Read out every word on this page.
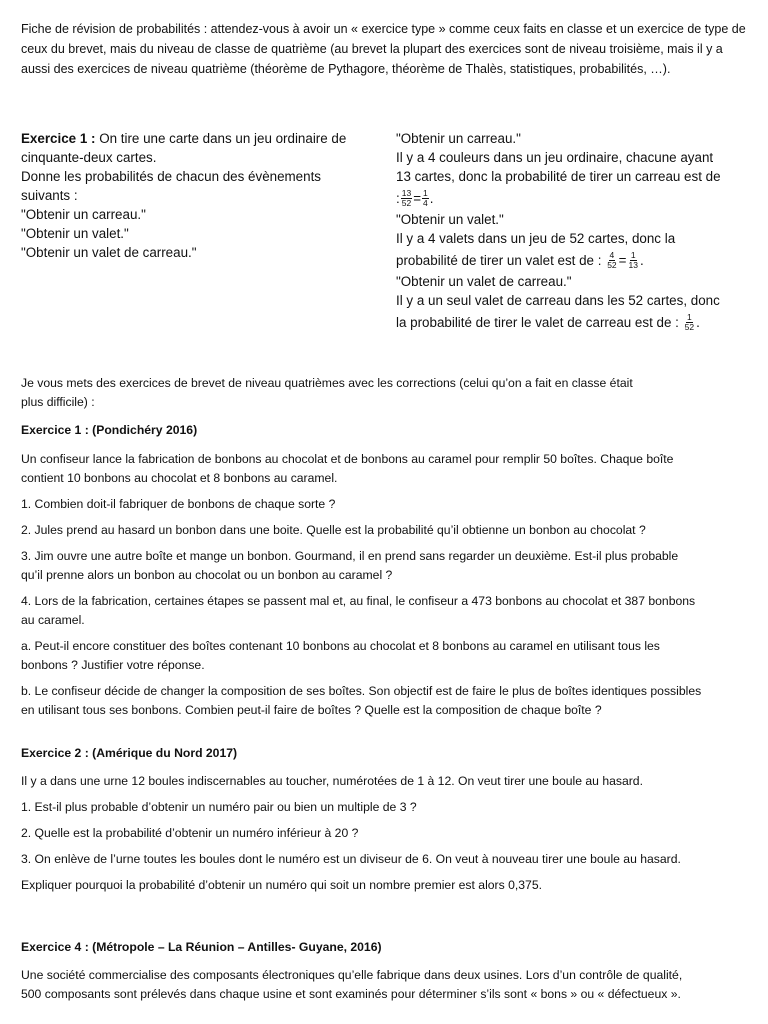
Fiche de révision de probabilités : attendez-vous à avoir un « exercice type » comme ceux faits en classe et un exercice de type de ceux du brevet, mais du niveau de classe de quatrième (au brevet la plupart des exercices sont de niveau troisième, mais il y a aussi des exercices de niveau quatrième (théorème de Pythagore, théorème de Thalès, statistiques, probabilités, …).
Exercice 1 : On tire une carte dans un jeu ordinaire de
cinquante-deux cartes.
Donne les probabilités de chacun des évènements
suivants :
"Obtenir un carreau."
"Obtenir un valet."
"Obtenir un valet de carreau."
"Obtenir un carreau."
Il y a 4 couleurs dans un jeu ordinaire, chacune ayant
13 cartes, donc la probabilité de tirer un carreau est de
: $\frac{13}{52} = \frac{1}{4}$ .
"Obtenir un valet."
Il y a 4 valets dans un jeu de 52 cartes, donc la
probabilité de tirer un valet est de :
$\frac{4}{52} = \frac{1}{13}$ .
"Obtenir un valet de carreau."
Il y a un seul valet de carreau dans les 52 cartes, donc
la probabilité de tirer le valet de carreau est de :
$\frac{1}{52}$ .
Je vous mets des exercices de brevet de niveau quatrièmes avec les corrections (celui qu’on a fait en classe était
plus difficile) :
Exercice 1 : (Pondichéry 2016)
Un confiseur lance la fabrication de bonbons au chocolat et de bonbons au caramel pour remplir 50 boîtes. Chaque boîte
contient 10 bonbons au chocolat et 8 bonbons au caramel.
1. Combien doit-il fabriquer de bonbons de chaque sorte ?
2. Jules prend au hasard un bonbon dans une boite. Quelle est la probabilité qu’il obtienne un bonbon au chocolat ?
3. Jim ouvre une autre boîte et mange un bonbon. Gourmand, il en prend sans regarder un deuxième. Est-il plus probable
qu’il prenne alors un bonbon au chocolat ou un bonbon au caramel ?
4. Lors de la fabrication, certaines étapes se passent mal et, au final, le confiseur a 473 bonbons au chocolat et 387 bonbons
au caramel.
a. Peut-il encore constituer des boîtes contenant 10 bonbons au chocolat et 8 bonbons au caramel en utilisant tous les
bonbons ? Justifier votre réponse.
b. Le confiseur décide de changer la composition de ses boîtes. Son objectif est de faire le plus de boîtes identiques possibles
en utilisant tous ses bonbons. Combien peut-il faire de boîtes ? Quelle est la composition de chaque boîte ?
Exercice 2 : (Amérique du Nord 2017)
Il y a dans une urne 12 boules indiscernables au toucher, numérotées de 1 à 12. On veut tirer une boule au hasard.
1. Est-il plus probable d’obtenir un numéro pair ou bien un multiple de 3 ?
2. Quelle est la probabilité d’obtenir un numéro inférieur à 20 ?
3. On enlève de l’urne toutes les boules dont le numéro est un diviseur de 6. On veut à nouveau tirer une boule au hasard.
Expliquer pourquoi la probabilité d’obtenir un numéro qui soit un nombre premier est alors 0,375.
Exercice 4 : (Métropole – La Réunion – Antilles- Guyane, 2016)
Une société commercialise des composants électroniques qu’elle fabrique dans deux usines. Lors d’un contrôle de qualité,
500 composants sont prélevés dans chaque usine et sont examinés pour déterminer s’ils sont « bons » ou « défectueux ».
